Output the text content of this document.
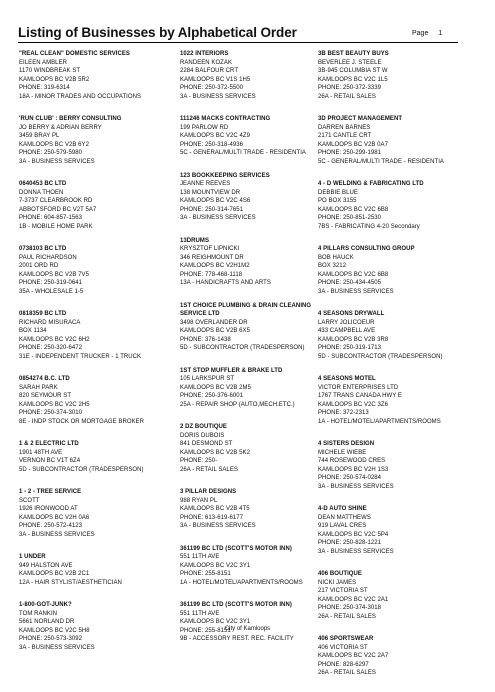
Listing of Businesses by Alphabetical Order	Page 1
"REAL CLEAN" DOMESTIC SERVICES
EILEEN AMBLER
1170 WINDBREAK ST
KAMLOOPS BC V2B 5R2
PHONE: 319-6314
18A - MINOR TRADES AND OCCUPATIONS
'RUN CLUB' : BERRY CONSULTING
JO BERRY & ADRIAN BERRY
3459 BRAY PL
KAMLOOPS BC V2B 6Y2
PHONE: 250-579-5980
3A - BUSINESS SERVICES
0640453 BC LTD
DONNA THOEN
7-3737 CLEARBROOK RD
ABBOTSFORD BC V2T 5A7
PHONE: 604-857-1563
1B - MOBILE HOME PARK
0738103 BC LTD
PAUL RICHARDSON
2001 ORD RD
KAMLOOPS BC V2B 7V5
PHONE: 250-319-0641
35A - WHOLESALE 1-5
0818359 BC LTD
RICHARD MISURACA
BOX 1134
KAMLOOPS BC V2C 6H2
PHONE: 250-320-6472
31E - INDEPENDENT TRUCKER - 1 TRUCK
0854274 B.C. LTD
SARAH PARK
820 SEYMOUR ST
KAMLOOPS BC V2C 2H5
PHONE: 250-374-3010
8E - INDP STOCK OR MORTGAGE BROKER
1 & 2 ELECTRIC LTD
1901 48TH AVE
VERNON BC V1T 6Z4
5D - SUBCONTRACTOR (TRADESPERSON)
1 - 2 - TREE SERVICE
SCOTT
1926 IRONWOOD AT
KAMLOOPS BC V2H 0A6
PHONE: 250-572-4123
3A - BUSINESS SERVICES
1 UNDER
949 HALSTON AVE
KAMLOOPS BC V2B 2C1
12A - HAIR STYLIST/AESTHETICIAN
1-800-GOT-JUNK?
TOM RANKIN
5661 NORLAND DR
KAMLOOPS BC V2C 5H8
PHONE: 250-573-3092
3A - BUSINESS SERVICES
1022 INTERIORS
RANDEEN KOZAK
2284 BALFOUR CRT
KAMLOOPS BC V1S 1H5
PHONE: 250-372-5500
3A - BUSINESS SERVICES
111246 MACKS CONTRACTING
199 PARLOW RD
KAMLOOPS BC V2C 4Z9
PHONE: 250-318-4936
5C - GENERAL/MULTI TRADE - RESIDENTIA
123 BOOKKEEPING SERVICES
JEANNE REEVES
138 MOUNTVIEW DR
KAMLOOPS BC V2C 4S6
PHONE: 250-314-7651
3A - BUSINESS SERVICES
13DRUMS
KRYSZTOF LIPNICKI
346 REIGHMOUNT DR
KAMLOOPS BC V2H1M2
PHONE: 778-468-1118
13A - HANDICRAFTS AND ARTS
1ST CHOICE PLUMBING & DRAIN CLEANING SERVICE LTD
3498 OVERLANDER DR
KAMLOOPS BC V2B 6X5
PHONE: 376-1438
5D - SUBCONTRACTOR (TRADESPERSON)
1ST STOP MUFFLER & BRAKE LTD
105 LARKSPUR ST
KAMLOOPS BC V2B 2M5
PHONE: 250-376-6001
25A - REPAIR SHOP (AUTO,MECH.ETC.)
2 DZ BOUTIQUE
DORIS DUBOIS
841 DESMOND ST
KAMLOOPS BC V2B 5K2
PHONE: 250-
26A - RETAIL SALES
3 PILLAR DESIGNS
988 RYAN PL
KAMLOOPS BC V2B 4T5
PHONE: 613-619-6177
3A - BUSINESS SERVICES
361199 BC LTD (SCOTT'S MOTOR INN)
551 11TH AVE
KAMLOOPS BC V2C 3Y1
PHONE: 255-8151
1A - HOTEL/MOTEL/APARTMENTS/ROOMS
361199 BC LTD (SCOTT'S MOTOR INN)
551 11TH AVE
KAMLOOPS BC V2C 3Y1
PHONE: 255-8151
9B - ACCESSORY REST. REC. FACILITY
3B BEST BEAUTY BUYS
BEVERLEE J. STEELE
3B-945 COLUMBIA ST W
KAMLOOPS BC V2C 1L5
PHONE: 250-372-3339
26A - RETAIL SALES
3D PROJECT MANAGEMENT
DARREN BARNES
2171 CANTLE CRT
KAMLOOPS BC V2B 0A7
PHONE: 250-299-1981
5C - GENERAL/MULTI TRADE - RESIDENTIA
4 - D WELDING & FABRICATING LTD
DEBBIE BLUE
PO BOX 3155
KAMLOOPS BC V2C 6B8
PHONE: 250-851-2530
7BS - FABRICATING 4-20 Secondary
4 PILLARS CONSULTING GROUP
BOB HAUCK
BOX 3212
KAMLOOPS BC V2C 6B8
PHONE: 250-434-4505
3A - BUSINESS SERVICES
4 SEASONS DRYWALL
LARRY JOLICOEUR
433 CAMPBELL AVE
KAMLOOPS BC V2B 3R8
PHONE: 250-319-1713
5D - SUBCONTRACTOR (TRADESPERSON)
4 SEASONS MOTEL
VICTOR ENTERPRISES LTD
1767 TRANS CANADA HWY E
KAMLOOPS BC V2C 3Z6
PHONE: 372-2313
1A - HOTEL/MOTEL/APARTMENTS/ROOMS
4 SISTERS DESIGN
MICHELE WIEBE
744 ROSEWOOD CRES
KAMLOOPS BC V2H 1S3
PHONE: 250-574-0284
3A - BUSINESS SERVICES
4-D AUTO SHINE
DEAN MATTHEWS
919 LAVAL CRES
KAMLOOPS BC V2C 5P4
PHONE: 250-828-1221
3A - BUSINESS SERVICES
406 BOUTIQUE
NICKI JAMES
217 VICTORIA ST
KAMLOOPS BC V2C 2A1
PHONE: 250-374-3018
26A - RETAIL SALES
406 SPORTSWEAR
406 VICTORIA ST
KAMLOOPS BC V2C 2A7
PHONE: 828-6297
26A - RETAIL SALES
City of Kamloops
